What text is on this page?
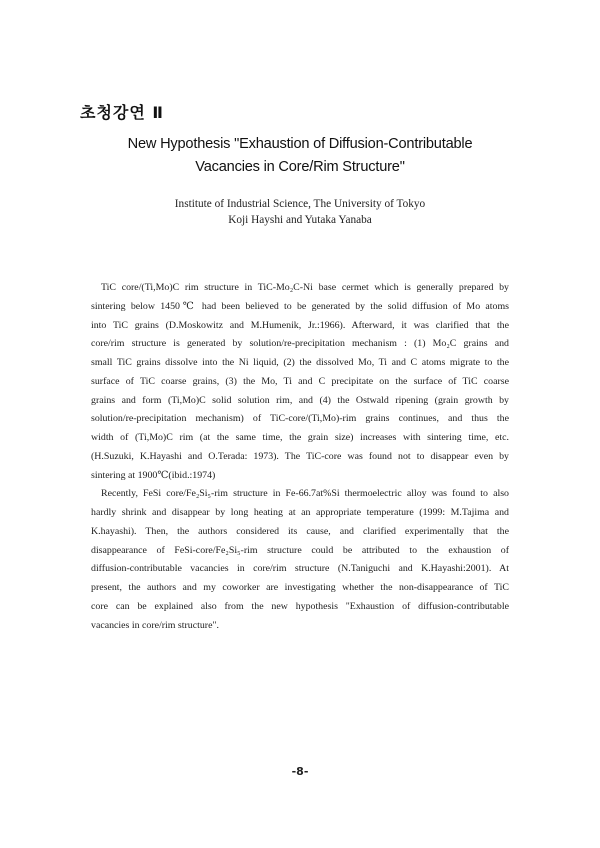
초청강연 Ⅱ
New Hypothesis "Exhaustion of Diffusion-Contributable
Vacancies in Core/Rim Structure"
Institute of Industrial Science, The University of Tokyo
Koji Hayshi and Yutaka Yanaba

TiC core/(Ti,Mo)C rim structure in TiC-Mo₂C-Ni base cermet which is generally prepared by
sintering below 1450℃ had been believed to be generated by the solid diffusion of Mo atoms
into TiC grains (D.Moskowitz and M.Humenik, Jr.:1966). Afterward, it was clarified that the
core/rim structure is generated by solution/re-precipitation mechanism : (1) Mo₂C grains and
small TiC grains dissolve into the Ni liquid, (2) the dissolved Mo, Ti and C atoms migrate to the
surface of TiC coarse grains, (3) the Mo, Ti and C precipitate on the surface of TiC coarse
grains and form (Ti,Mo)C solid solution rim, and (4) the Ostwald ripening (grain growth by
solution/re-precipitation mechanism) of TiC-core/(Ti,Mo)-rim grains continues, and thus the
width of (Ti,Mo)C rim (at the same time, the grain size) increases with sintering time, etc.
(H.Suzuki, K.Hayashi and O.Terada: 1973). The TiC-core was found not to disappear even by
sintering at 1900℃(ibid.:1974)

Recently, FeSi core/Fe₂Si₅-rim structure in Fe-66.7at%Si thermoelectric alloy was found to also
hardly shrink and disappear by long heating at an appropriate temperature (1999: M.Tajima and
K.hayashi). Then, the authors considered its cause, and clarified experimentally that the
disappearance of FeSi-core/Fe₂Si₅-rim structure could be attributed to the exhaustion of
diffusion-contributable vacancies in core/rim structure (N.Taniguchi and K.Hayashi:2001). At
present, the authors and my coworker are investigating whether the non-disappearance of TiC
core can be explained also from the new hypothesis "Exhaustion of diffusion-contributable
vacancies in core/rim structure".

-8-
